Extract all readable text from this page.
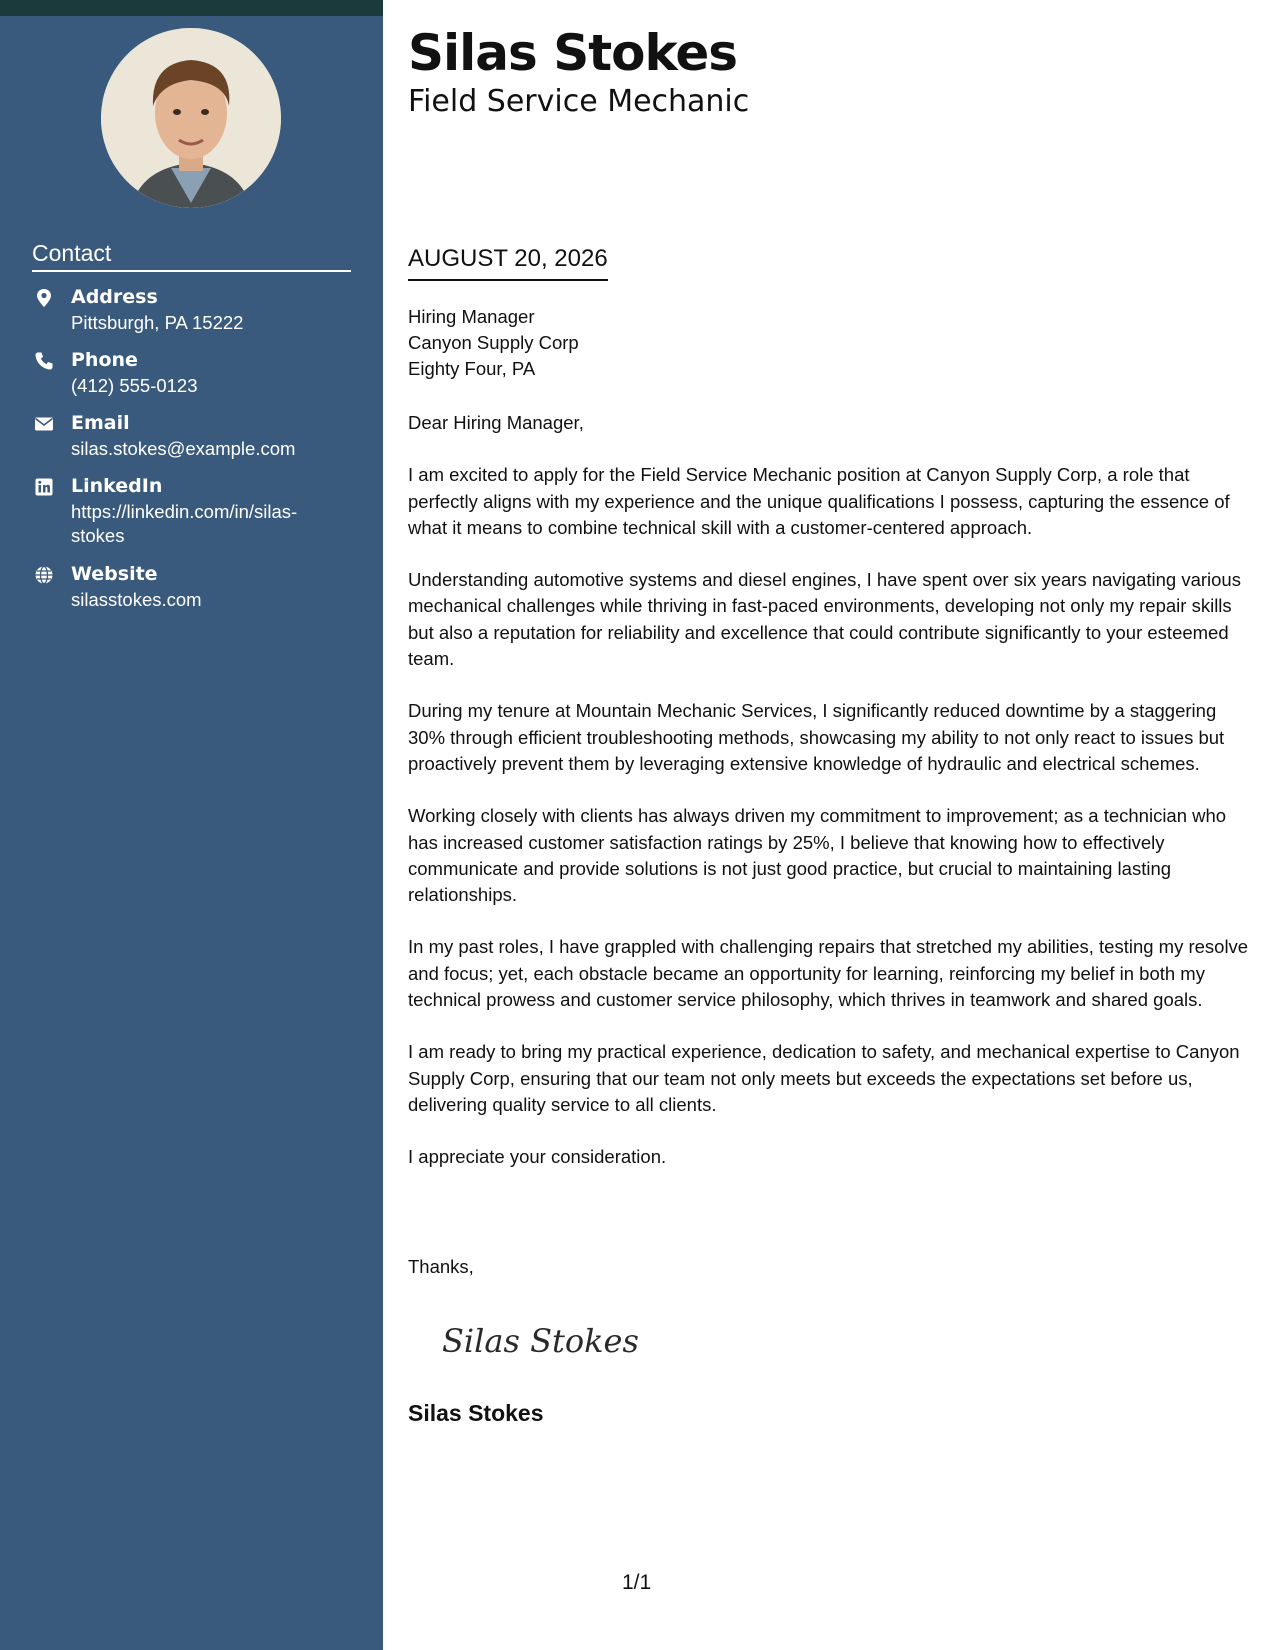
Contact
Address
Pittsburgh, PA 15222
Phone
(412) 555-0123
Email
silas.stokes@example.com
LinkedIn
https://linkedin.com/in/silas-stokes
Website
silasstokes.com
Silas Stokes
Field Service Mechanic
AUGUST 20, 2026
Hiring Manager
Canyon Supply Corp
Eighty Four, PA

Dear Hiring Manager,

I am excited to apply for the Field Service Mechanic position at Canyon Supply Corp, a role that perfectly aligns with my experience and the unique qualifications I possess, capturing the essence of what it means to combine technical skill with a customer-centered approach.

Understanding automotive systems and diesel engines, I have spent over six years navigating various mechanical challenges while thriving in fast-paced environments, developing not only my repair skills but also a reputation for reliability and excellence that could contribute significantly to your esteemed team.

During my tenure at Mountain Mechanic Services, I significantly reduced downtime by a staggering 30% through efficient troubleshooting methods, showcasing my ability to not only react to issues but proactively prevent them by leveraging extensive knowledge of hydraulic and electrical schemes.

Working closely with clients has always driven my commitment to improvement; as a technician who has increased customer satisfaction ratings by 25%, I believe that knowing how to effectively communicate and provide solutions is not just good practice, but crucial to maintaining lasting relationships.

In my past roles, I have grappled with challenging repairs that stretched my abilities, testing my resolve and focus; yet, each obstacle became an opportunity for learning, reinforcing my belief in both my technical prowess and customer service philosophy, which thrives in teamwork and shared goals.

I am ready to bring my practical experience, dedication to safety, and mechanical expertise to Canyon Supply Corp, ensuring that our team not only meets but exceeds the expectations set before us, delivering quality service to all clients.

I appreciate your consideration.

Thanks,
Silas Stokes
Silas Stokes
1/1
